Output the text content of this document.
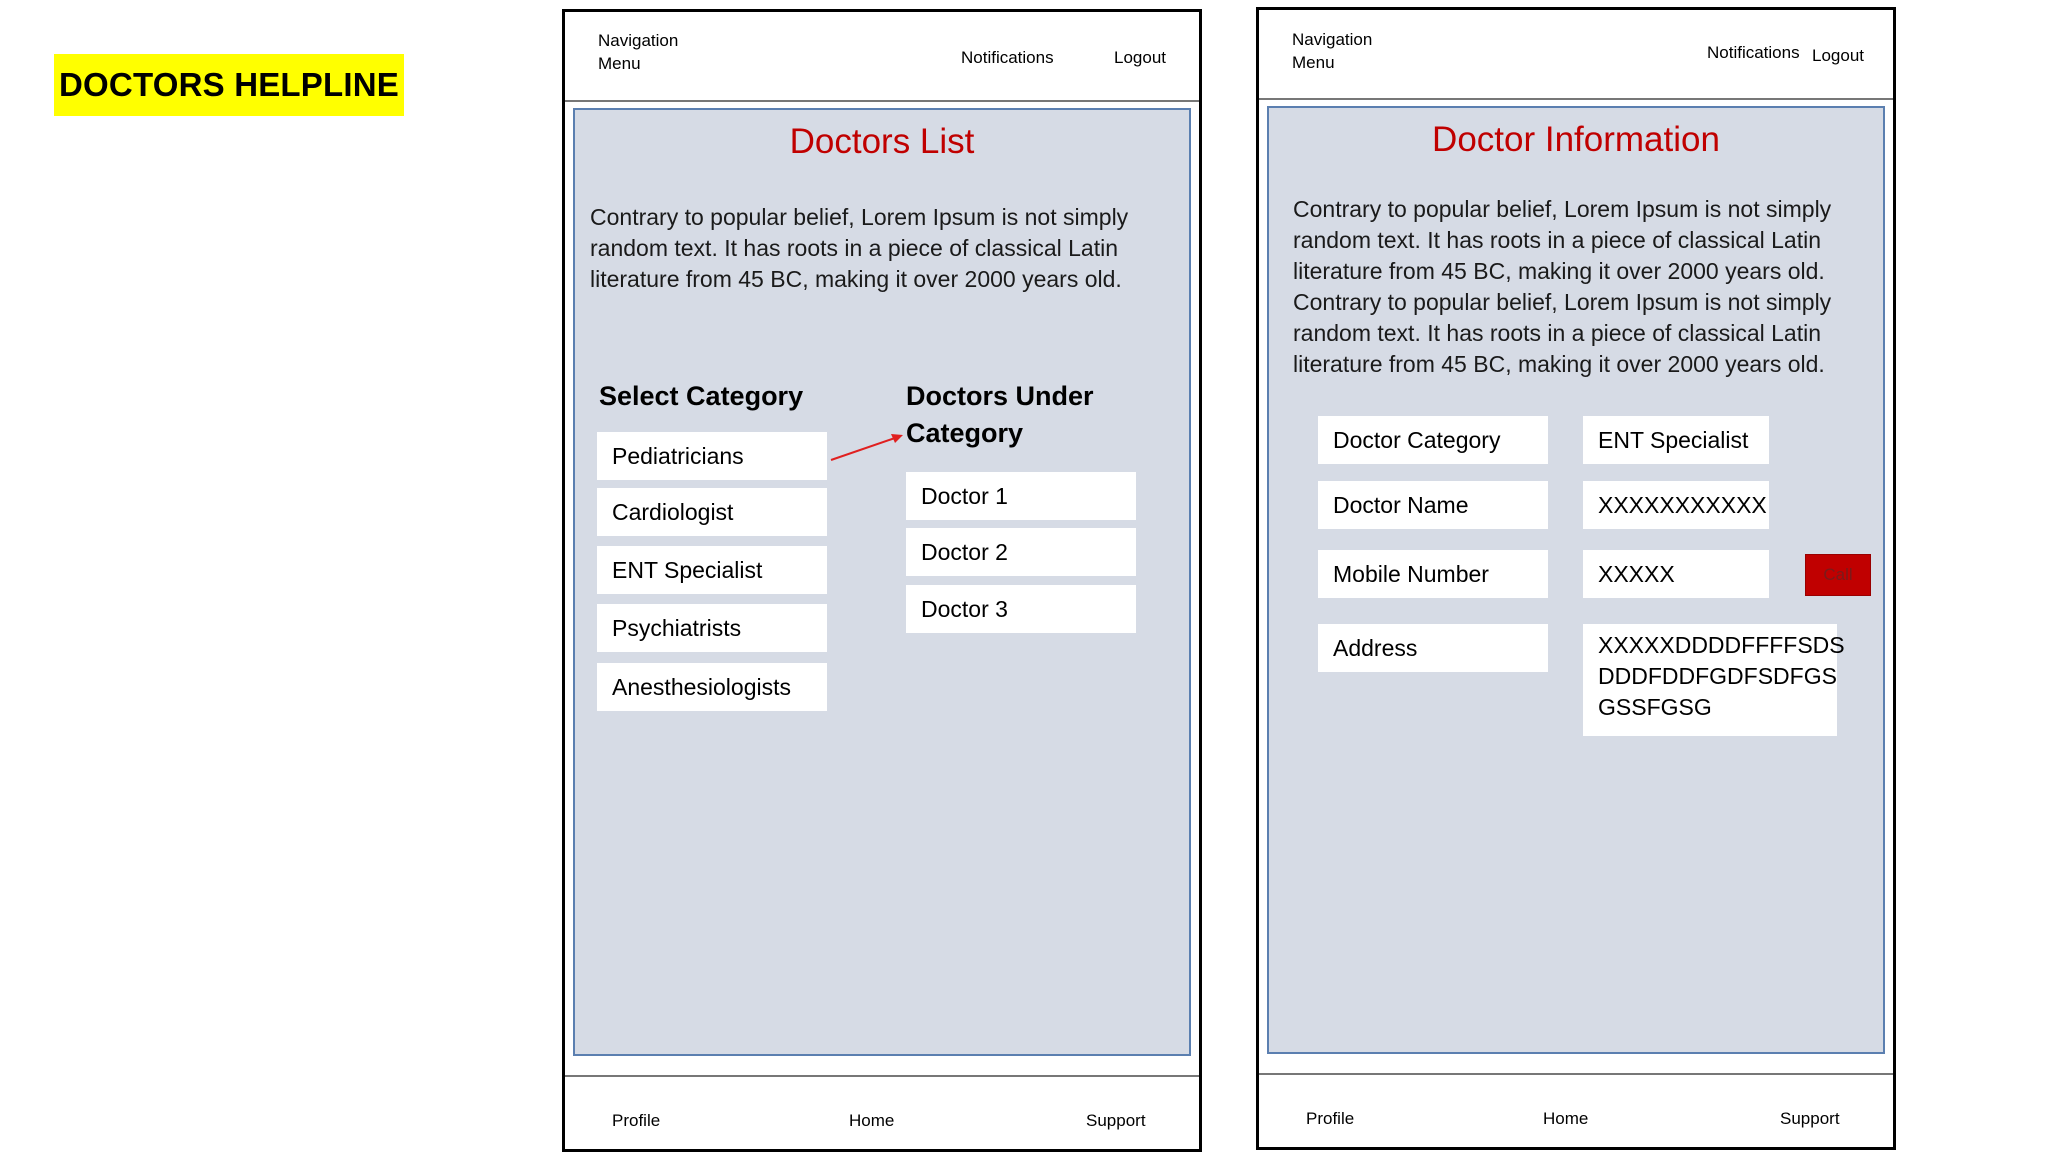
DOCTORS HELPLINE
Navigation
Menu	Notifications	Logout
Doctors List
Contrary to popular belief, Lorem Ipsum is not simply random text. It has roots in a piece of classical Latin literature from 45 BC, making it over 2000 years old.
Select Category	Doctors Under Category
Pediatricians
Cardiologist
ENT Specialist
Psychiatrists
Anesthesiologists
Doctor 1
Doctor 2
Doctor 3
Profile	Home	Support
Navigation
Menu
Notifications Logout
Doctor Information
Contrary to popular belief, Lorem Ipsum is not simply random text. It has roots in a piece of classical Latin literature from 45 BC, making it over 2000 years old. Contrary to popular belief, Lorem Ipsum is not simply random text. It has roots in a piece of classical Latin literature from 45 BC, making it over 2000 years old.
Doctor Category	ENT Specialist
Doctor Name	XXXXXXXXXXX
Mobile Number	XXXXX	Call
Address	XXXXXDDDDFFFFSDS DDDFDDFGDFSDFGS GSSFGSG
Profile	Home	Support
